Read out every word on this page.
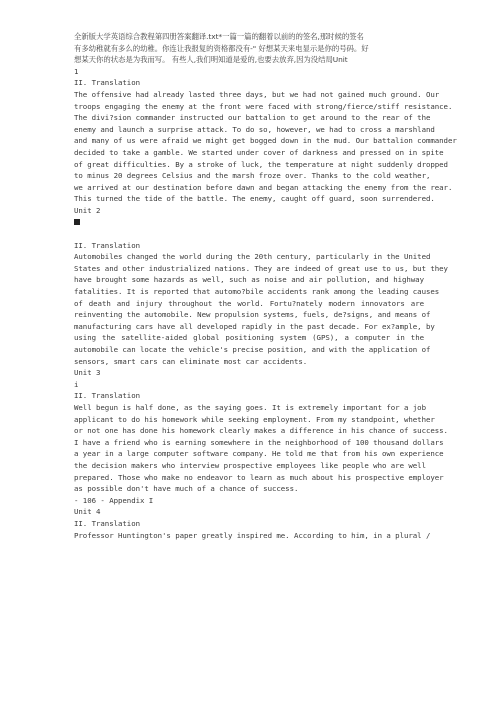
全新版大学英语综合教程第四册答案翻译.txt*一篇一篇的翻着以前的的签名,那时候的签名
有多幼稚就有多么的幼稚。你连让我报复的资格都没有-" 好想某天来电显示是你的号码。好
想某天你的状态是为我而写。 有些人,我们明知道是爱的,也要去放弃,因为没结局Unit
1
II. Translation
The offensive had already lasted three days, but we had not gained much ground. Our
troops engaging the enemy at the front were faced with strong/fierce/stiff resistance.
The divi?sion commander instructed our battalion to get around to the rear of the
enemy and launch a surprise attack. To do so, however, we had to cross a marshland
and many of us were afraid we might get bogged down in the mud. Our battalion commander
decided to take a gamble. We started under cover of darkness and pressed on in spite
of great difficulties. By a stroke of luck, the temperature at night suddenly dropped
to minus 20 degrees Celsius and the marsh froze over. Thanks to the cold weather,
we arrived at our destination before dawn and began attacking the enemy from the rear.
This turned the tide of the battle. The enemy, caught off guard, soon surrendered.
Unit 2

II. Translation
Automobiles changed the world during the 20th century, particularly in the United
States and other industrialized nations. They are indeed of great use to us, but they
have brought some hazards as well, such as noise and air pollution, and highway
fatalities. It is reported that automo?bile accidents rank among the leading causes
of death and injury throughout the world. Fortu?nately modern innovators are
reinventing the automobile. New propulsion systems, fuels, de?signs, and means of
manufacturing cars have all developed rapidly in the past decade. For ex?ample, by
using the satellite-aided global positioning system (GPS), a computer in the
automobile can locate the vehicle's precise position, and with the application of
sensors, smart cars can eliminate most car accidents.
Unit 3
i
II. Translation
Well begun is half done, as the saying goes. It is extremely important for a job
applicant to do his homework while seeking employment. From my standpoint, whether
or not one has done his homework clearly makes a difference in his chance of success.
I have a friend who is earning somewhere in the neighborhood of 100 thousand dollars
a year in a large computer software company. He told me that from his own experience
the decision makers who interview prospective employees like people who are well
prepared. Those who make no endeavor to learn as much about his prospective employer
as possible don't have much of a chance of success.
- 106 - Appendix I
Unit 4
II. Translation
Professor Huntington's paper greatly inspired me. According to him, in a plural /
